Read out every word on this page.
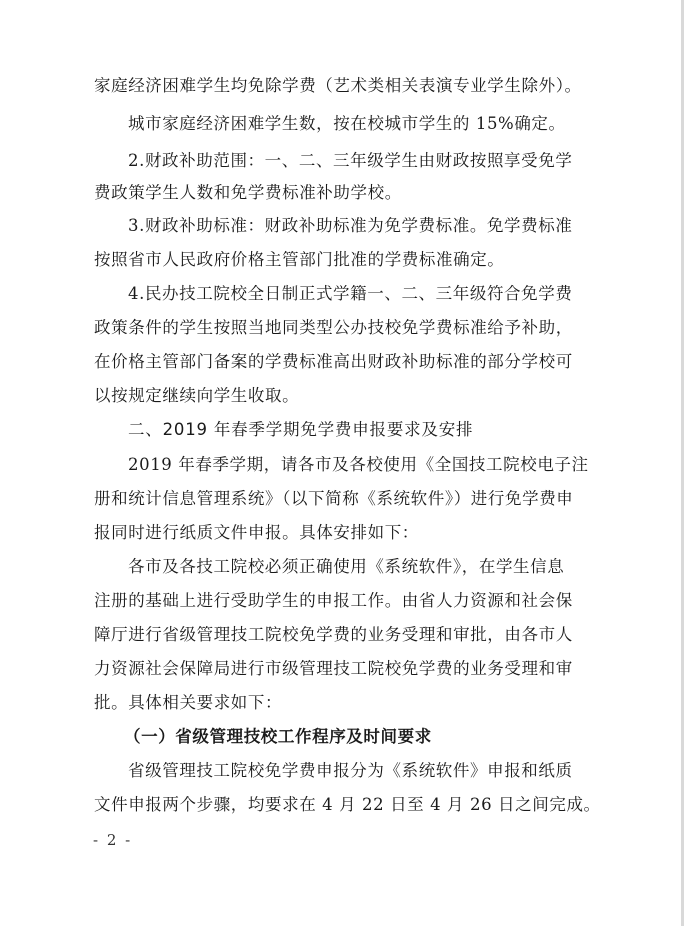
家庭经济困难学生均免除学费（艺术类相关表演专业学生除外）。
城市家庭经济困难学生数，按在校城市学生的 15%确定。
2.财政补助范围：一、二、三年级学生由财政按照享受免学
费政策学生人数和免学费标准补助学校。
3.财政补助标准：财政补助标准为免学费标准。免学费标准
按照省市人民政府价格主管部门批准的学费标准确定。
4.民办技工院校全日制正式学籍一、二、三年级符合免学费
政策条件的学生按照当地同类型公办技校免学费标准给予补助，
在价格主管部门备案的学费标准高出财政补助标准的部分学校可
以按规定继续向学生收取。
二、2019 年春季学期免学费申报要求及安排
2019 年春季学期，请各市及各校使用《全国技工院校电子注
册和统计信息管理系统》（以下简称《系统软件》）进行免学费申
报同时进行纸质文件申报。具体安排如下：
各市及各技工院校必须正确使用《系统软件》，在学生信息
注册的基础上进行受助学生的申报工作。由省人力资源和社会保
障厅进行省级管理技工院校免学费的业务受理和审批，由各市人
力资源社会保障局进行市级管理技工院校免学费的业务受理和审
批。具体相关要求如下：
（一）省级管理技校工作程序及时间要求
省级管理技工院校免学费申报分为《系统软件》申报和纸质
文件申报两个步骤，均要求在 4 月 22 日至 4 月 26 日之间完成。
- 2 -
